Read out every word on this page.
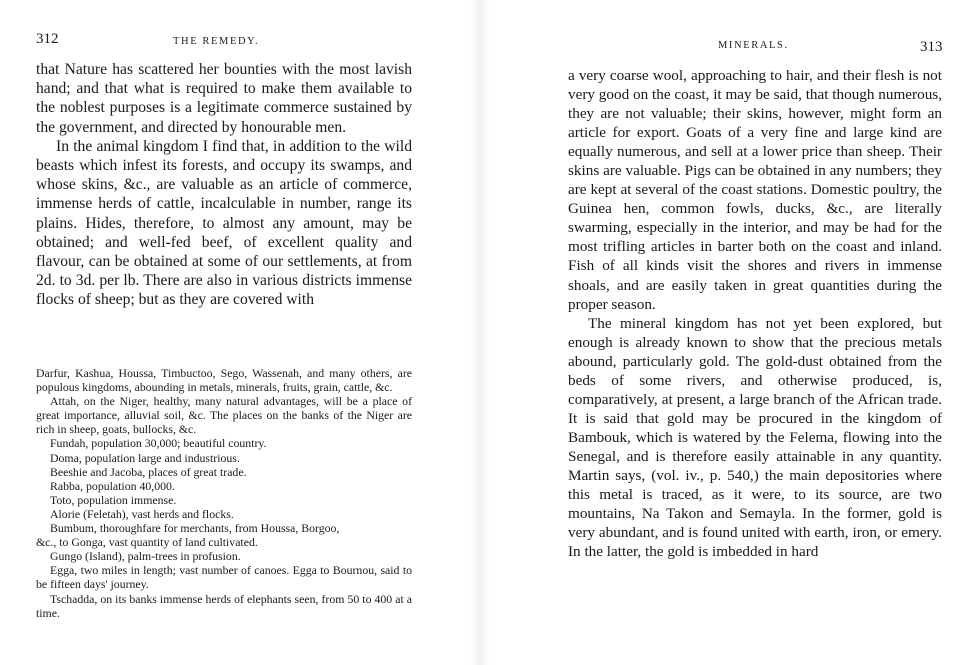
312	THE REMEDY.

that Nature has scattered her bounties with the most lavish hand; and that what is required to make them available to the noblest purposes is a legitimate commerce sustained by the government, and directed by honourable men.

In the animal kingdom I find that, in addition to the wild beasts which infest its forests, and occupy its swamps, and whose skins, &c., are valuable as an article of commerce, immense herds of cattle, incalculable in number, range its plains. Hides, therefore, to almost any amount, may be obtained; and well-fed beef, of excellent quality and flavour, can be obtained at some of our settlements, at from 2d. to 3d. per lb. There are also in various districts immense flocks of sheep; but as they are covered with

Darfur, Kashua, Houssa, Timbuctoo, Sego, Wassenah, and many others, are populous kingdoms, abounding in metals, minerals, fruits, grain, cattle, &c.
Attah, on the Niger, healthy, many natural advantages, will be a place of great importance, alluvial soil, &c. The places on the banks of the Niger are rich in sheep, goats, bullocks, &c.
Fundah, population 30,000; beautiful country.
Doma, population large and industrious.
Beeshie and Jacoba, places of great trade.
Rabba, population 40,000.
Toto, population immense.
Alorie (Feletah), vast herds and flocks.
Bumbum, thoroughfare for merchants, from Houssa, Borgoo,
&c., to Gonga, vast quantity of land cultivated.
Gungo (Island), palm-trees in profusion.
Egga, two miles in length; vast number of canoes. Egga to Bournou, said to be fifteen days' journey.
Tschadda, on its banks immense herds of elephants seen, from 50 to 400 at a time.
MINERALS.	313

a very coarse wool, approaching to hair, and their flesh is not very good on the coast, it may be said, that though numerous, they are not valuable; their skins, however, might form an article for export. Goats of a very fine and large kind are equally numerous, and sell at a lower price than sheep. Their skins are valuable. Pigs can be obtained in any numbers; they are kept at several of the coast stations. Domestic poultry, the Guinea hen, common fowls, ducks, &c., are literally swarming, especially in the interior, and may be had for the most trifling articles in barter both on the coast and inland. Fish of all kinds visit the shores and rivers in immense shoals, and are easily taken in great quantities during the proper season.

The mineral kingdom has not yet been explored, but enough is already known to show that the precious metals abound, particularly gold. The gold-dust obtained from the beds of some rivers, and otherwise produced, is, comparatively, at present, a large branch of the African trade. It is said that gold may be procured in the kingdom of Bambouk, which is watered by the Felema, flowing into the Senegal, and is therefore easily attainable in any quantity. Martin says, (vol. iv., p. 540,) the main depositories where this metal is traced, as it were, to its source, are two mountains, Na Takon and Semayla. In the former, gold is very abundant, and is found united with earth, iron, or emery. In the latter, the gold is imbedded in hard
